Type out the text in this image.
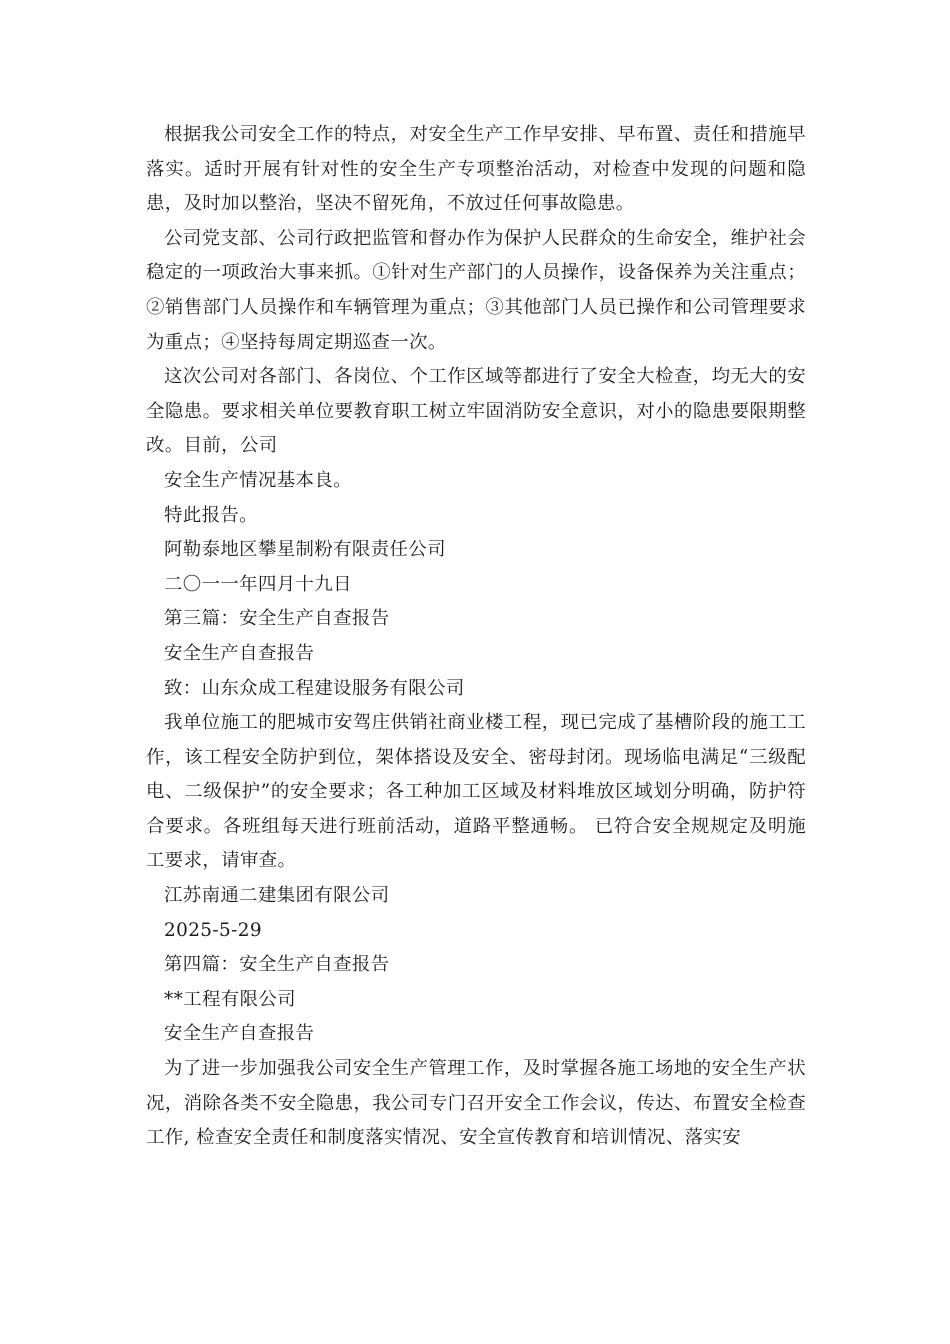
根据我公司安全工作的特点，对安全生产工作早安排、早布置、责任和措施早落实。适时开展有针对性的安全生产专项整治活动，对检查中发现的问题和隐患，及时加以整治，坚决不留死角，不放过任何事故隐患。

公司党支部、公司行政把监管和督办作为保护人民群众的生命安全，维护社会稳定的一项政治大事来抓。①针对生产部门的人员操作，设备保养为关注重点；②销售部门人员操作和车辆管理为重点；③其他部门人员已操作和公司管理要求为重点；④坚持每周定期巡查一次。

这次公司对各部门、各岗位、个工作区域等都进行了安全大检查，均无大的安全隐患。要求相关单位要教育职工树立牢固消防安全意识，对小的隐患要限期整改。目前，公司

安全生产情况基本良。

特此报告。

阿勒泰地区攀星制粉有限责任公司

二〇一一年四月十九日

第三篇：安全生产自查报告

安全生产自查报告

致：山东众成工程建设服务有限公司

我单位施工的肥城市安驾庄供销社商业楼工程，现已完成了基槽阶段的施工工作，该工程安全防护到位，架体搭设及安全、密母封闭。现场临电满足“三级配电、二级保护”的安全要求；各工种加工区域及材料堆放区域划分明确，防护符合要求。各班组每天进行班前活动，道路平整通畅。 已符合安全规规定及明施工要求，请审查。

江苏南通二建集团有限公司

2025-5-29

第四篇：安全生产自查报告

**工程有限公司

安全生产自查报告

为了进一步加强我公司安全生产管理工作，及时掌握各施工场地的安全生产状况，消除各类不安全隐患，我公司专门召开安全工作会议，传达、布置安全检查工作, 检查安全责任和制度落实情况、安全宣传教育和培训情况、落实安
